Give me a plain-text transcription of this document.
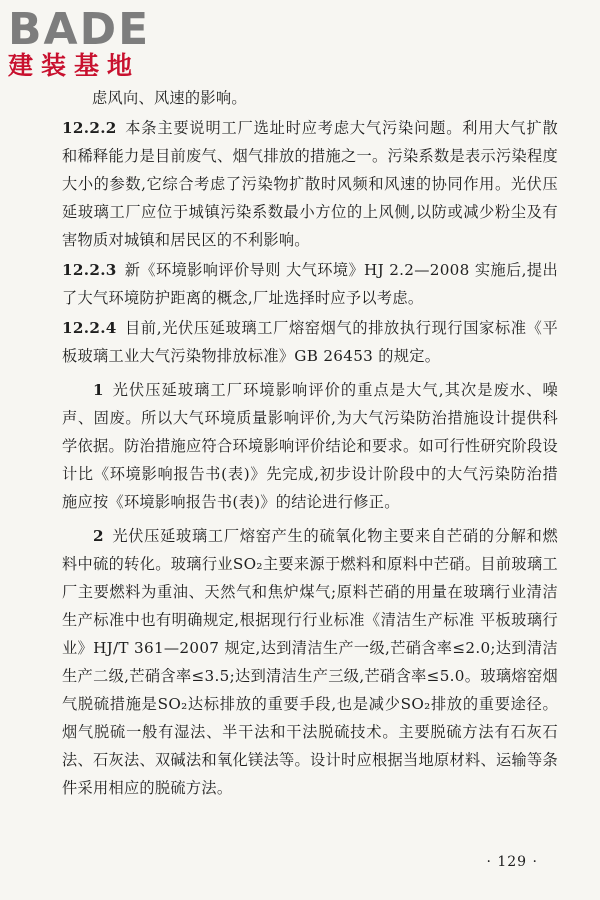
BADE
建装基地

虑风向、风速的影响。

12.2.2 本条主要说明工厂选址时应考虑大气污染问题。利用大气扩散和稀释能力是目前废气、烟气排放的措施之一。污染系数是表示污染程度大小的参数,它综合考虑了污染物扩散时风频和风速的协同作用。光伏压延玻璃工厂应位于城镇污染系数最小方位的上风侧,以防或减少粉尘及有害物质对城镇和居民区的不利影响。

12.2.3 新《环境影响评价导则 大气环境》HJ 2.2—2008 实施后,提出了大气环境防护距离的概念,厂址选择时应予以考虑。

12.2.4 目前,光伏压延玻璃工厂熔窑烟气的排放执行现行国家标准《平板玻璃工业大气污染物排放标准》GB 26453 的规定。

1 光伏压延玻璃工厂环境影响评价的重点是大气,其次是废水、噪声、固废。所以大气环境质量影响评价,为大气污染防治措施设计提供科学依据。防治措施应符合环境影响评价结论和要求。如可行性研究阶段设计比《环境影响报告书(表)》先完成,初步设计阶段中的大气污染防治措施应按《环境影响报告书(表)》的结论进行修正。

2 光伏压延玻璃工厂熔窑产生的硫氧化物主要来自芒硝的分解和燃料中硫的转化。玻璃行业SO₂主要来源于燃料和原料中芒硝。目前玻璃工厂主要燃料为重油、天然气和焦炉煤气;原料芒硝的用量在玻璃行业清洁生产标准中也有明确规定,根据现行行业标准《清洁生产标准 平板玻璃行业》HJ/T 361—2007 规定,达到清洁生产一级,芒硝含率≤2.0;达到清洁生产二级,芒硝含率≤3.5;达到清洁生产三级,芒硝含率≤5.0。玻璃熔窑烟气脱硫措施是SO₂达标排放的重要手段,也是减少SO₂排放的重要途径。烟气脱硫一般有湿法、半干法和干法脱硫技术。主要脱硫方法有石灰石法、石灰法、双碱法和氧化镁法等。设计时应根据当地原材料、运输等条件采用相应的脱硫方法。

· 129 ·
